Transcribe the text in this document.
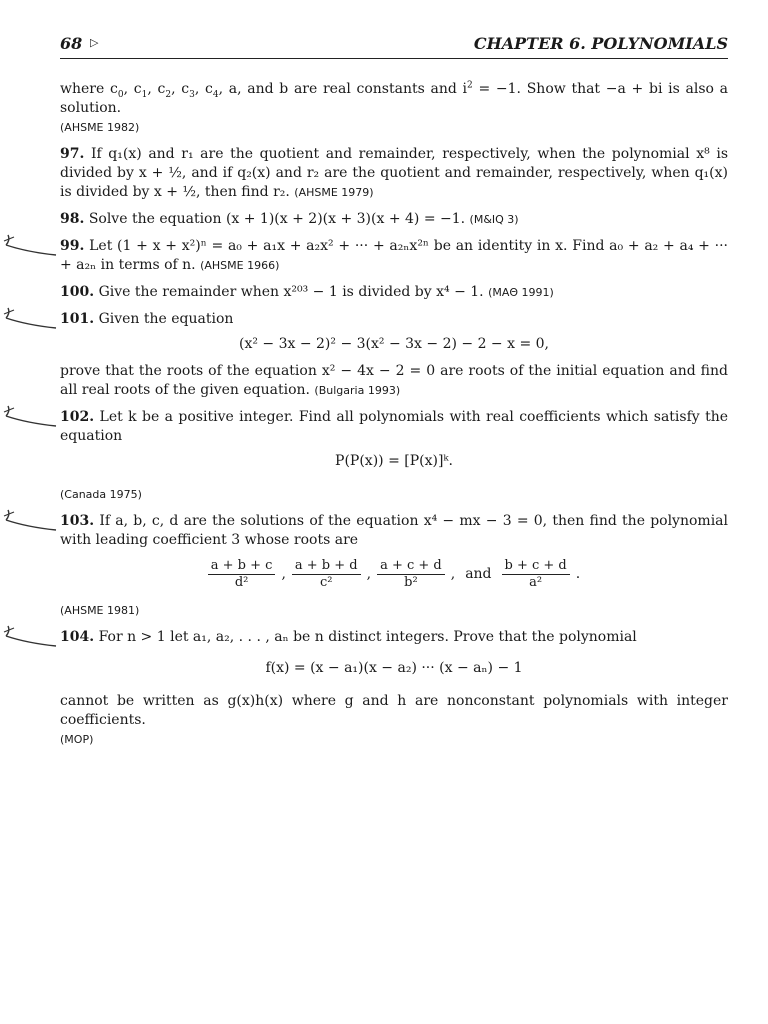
68 ▷	CHAPTER 6. POLYNOMIALS

where $c_0$, $c_1$, $c_2$, $c_3$, $c_4$, a, and b are real constants and $i^2 = -1$. Show that −a + bi is also a solution.
(AHSME 1982)

97. If q₁(x) and r₁ are the quotient and remainder, respectively, when the polynomial x⁸ is divided by x + ½, and if q₂(x) and r₂ are the quotient and remainder, respectively, when q₁(x) is divided by x + ½, then find r₂. (AHSME 1979)

98. Solve the equation (x + 1)(x + 2)(x + 3)(x + 4) = −1. (M&IQ 3)

99. Let (1 + x + x²)ⁿ = a₀ + a₁x + a₂x² + ··· + a₂ₙx²ⁿ be an identity in x. Find a₀ + a₂ + a₄ + ··· + a₂ₙ in terms of n. (AHSME 1966)

100. Give the remainder when x²⁰³ − 1 is divided by x⁴ − 1. (MAΘ 1991)

101. Given the equation
(x² − 3x − 2)² − 3(x² − 3x − 2) − 2 − x = 0,
prove that the roots of the equation x² − 4x − 2 = 0 are roots of the initial equation and find all real roots of the given equation. (Bulgaria 1993)
102. Let k be a positive integer. Find all polynomials with real coefficients which satisfy the equation
P(P(x)) = [P(x)]ᵏ.
(Canada 1975)
103. If a, b, c, d are the solutions of the equation x⁴ − mx − 3 = 0, then find the polynomial with leading coefficient 3 whose roots are
$\frac{a + b + c}{\text{d²}}$ , $\frac{a + b + d}{\text{c²}}$ , $\frac{a + c + d}{\text{b²}}$ , and $\frac{b + c + d}{\text{a²}}$ .
(AHSME 1981)
104. For n > 1 let a₁, a₂, . . . , aₙ be n distinct integers. Prove that the polynomial
f(x) = (x − a₁)(x − a₂) ··· (x − aₙ) − 1
cannot be written as g(x)h(x) where g and h are nonconstant polynomials with integer coefficients.
(MOP)
